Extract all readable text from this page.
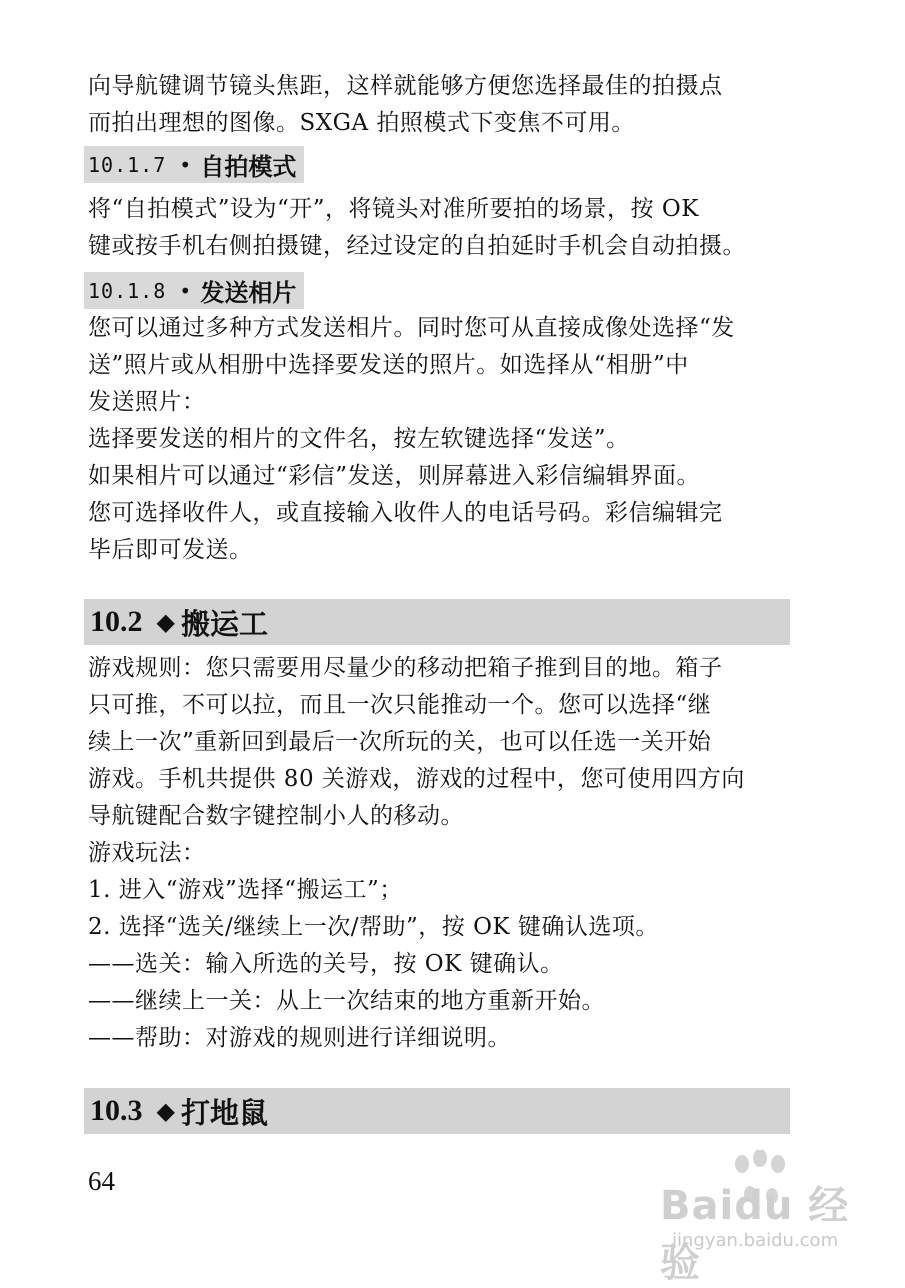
向导航键调节镜头焦距，这样就能够方便您选择最佳的拍摄点
而拍出理想的图像。SXGA 拍照模式下变焦不可用。
10.1.7 • 自拍模式
将“自拍模式”设为“开”，将镜头对准所要拍的场景，按 OK
键或按手机右侧拍摄键，经过设定的自拍延时手机会自动拍摄。
10.1.8 • 发送相片
您可以通过多种方式发送相片。同时您可从直接成像处选择“发
送”照片或从相册中选择要发送的照片。如选择从“相册”中
发送照片：
选择要发送的相片的文件名，按左软键选择“发送”。
如果相片可以通过“彩信”发送，则屏幕进入彩信编辑界面。
您可选择收件人，或直接输入收件人的电话号码。彩信编辑完
毕后即可发送。
10.2 ◆ 搬运工
游戏规则：您只需要用尽量少的移动把箱子推到目的地。箱子
只可推，不可以拉，而且一次只能推动一个。您可以选择“继
续上一次”重新回到最后一次所玩的关，也可以任选一关开始
游戏。手机共提供 80 关游戏，游戏的过程中，您可使用四方向
导航键配合数字键控制小人的移动。
游戏玩法：
1. 进入“游戏”选择“搬运工”；
2. 选择“选关/继续上一次/帮助”，按 OK 键确认选项。
——选关：输入所选的关号，按 OK 键确认。
——继续上一关：从上一次结束的地方重新开始。
——帮助：对游戏的规则进行详细说明。
10.3 ◆ 打地鼠
64
Baidu 经验
jingyan.baidu.com
